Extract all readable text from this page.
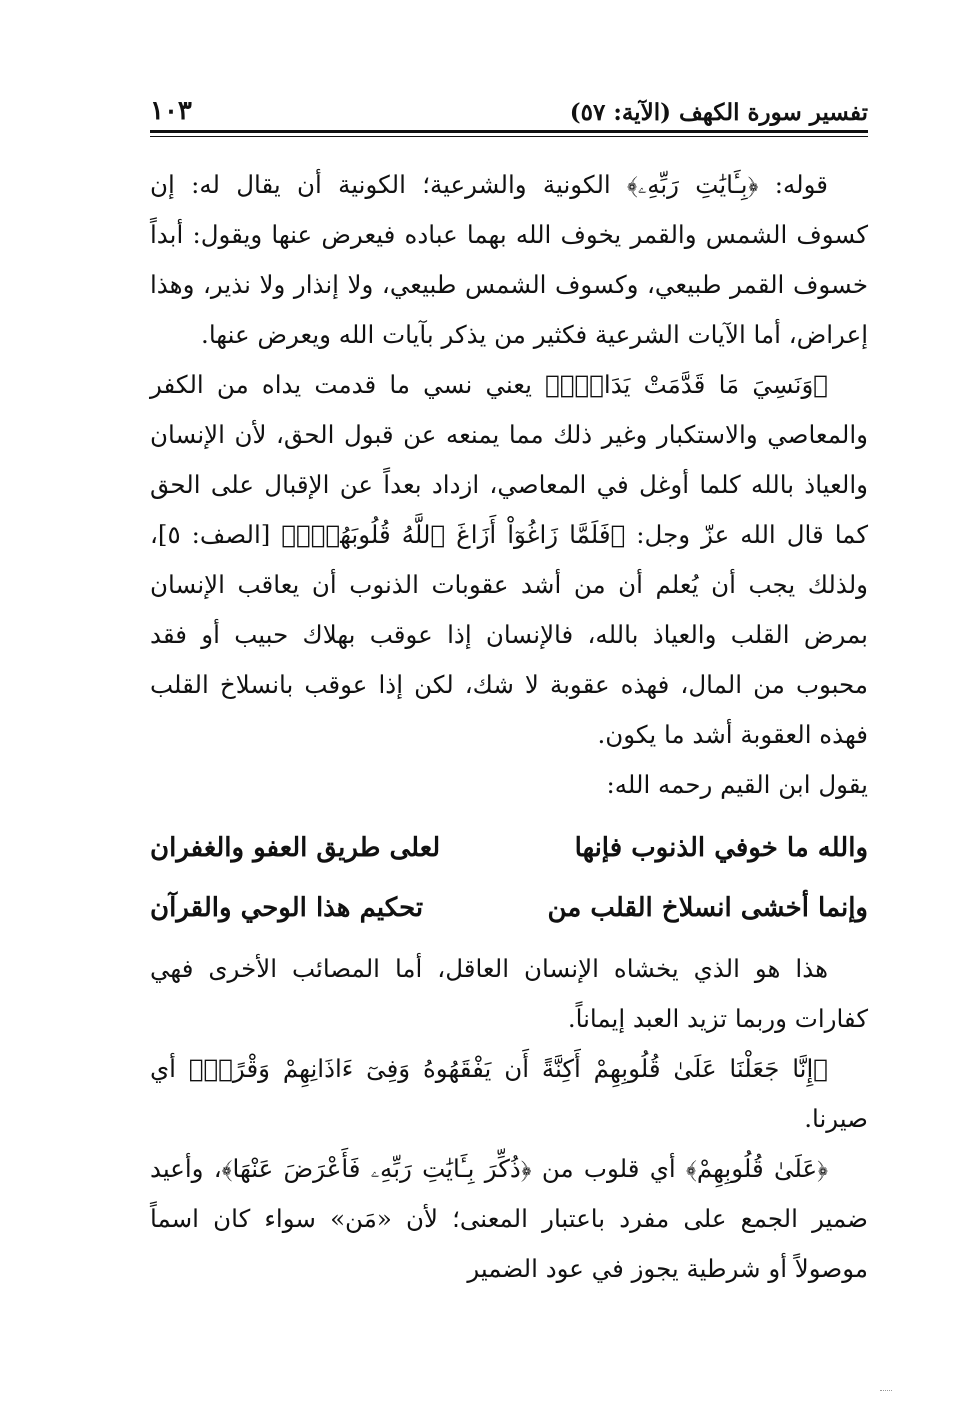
تفسير سورة الكهف (الآية: ٥٧)
١٠٣

قوله: ﴿بِـَٔايَٰتِ رَبِّهِۦ﴾ الكونية والشرعية؛ الكونية أن يقال له: إن كسوف الشمس والقمر يخوف الله بهما عباده فيعرض عنها ويقول: أبداً خسوف القمر طبيعي، وكسوف الشمس طبيعي، ولا إنذار ولا نذير، وهذا إعراض، أما الآيات الشرعية فكثير من يذكر بآيات الله ويعرض عنها.

﴿وَنَسِيَ مَا قَدَّمَتْ يَدَاهُۚ﴾ يعني نسي ما قدمت يداه من الكفر والمعاصي والاستكبار وغير ذلك مما يمنعه عن قبول الحق، لأن الإنسان والعياذ بالله كلما أوغل في المعاصي، ازداد بعداً عن الإقبال على الحق كما قال الله عزّ وجل: ﴿فَلَمَّا زَاغُوٓاْ أَزَاغَ ٱللَّهُ قُلُوبَهُمْۚ﴾ [الصف: ٥]، ولذلك يجب أن يُعلم أن من أشد عقوبات الذنوب أن يعاقب الإنسان بمرض القلب والعياذ بالله، فالإنسان إذا عوقب بهلاك حبيب أو فقد محبوب من المال، فهذه عقوبة لا شك، لكن إذا عوقب بانسلاخ القلب فهذه العقوبة أشد ما يكون.

يقول ابن القيم رحمه الله:

والله ما خوفي الذنوب فإنها
لعلى طريق العفو والغفران
وإنما أخشى انسلاخ القلب من
تحكيم هذا الوحي والقرآن

هذا هو الذي يخشاه الإنسان العاقل، أما المصائب الأخرى فهي كفارات وربما تزيد العبد إيماناً.

﴿إِنَّا جَعَلْنَا عَلَىٰ قُلُوبِهِمْ أَكِنَّةً أَن يَفْقَهُوهُ وَفِىٓ ءَاذَانِهِمْ وَقْرًاۖ﴾ أي صيرنا.

﴿عَلَىٰ قُلُوبِهِمْ﴾ أي قلوب من ﴿ذُكِّرَ بِـَٔايَٰتِ رَبِّهِۦ فَأَعْرَضَ عَنْهَا﴾، وأعيد ضمير الجمع على مفرد باعتبار المعنى؛ لأن «مَن» سواء كان اسماً موصولاً أو شرطية يجوز في عود الضمير
